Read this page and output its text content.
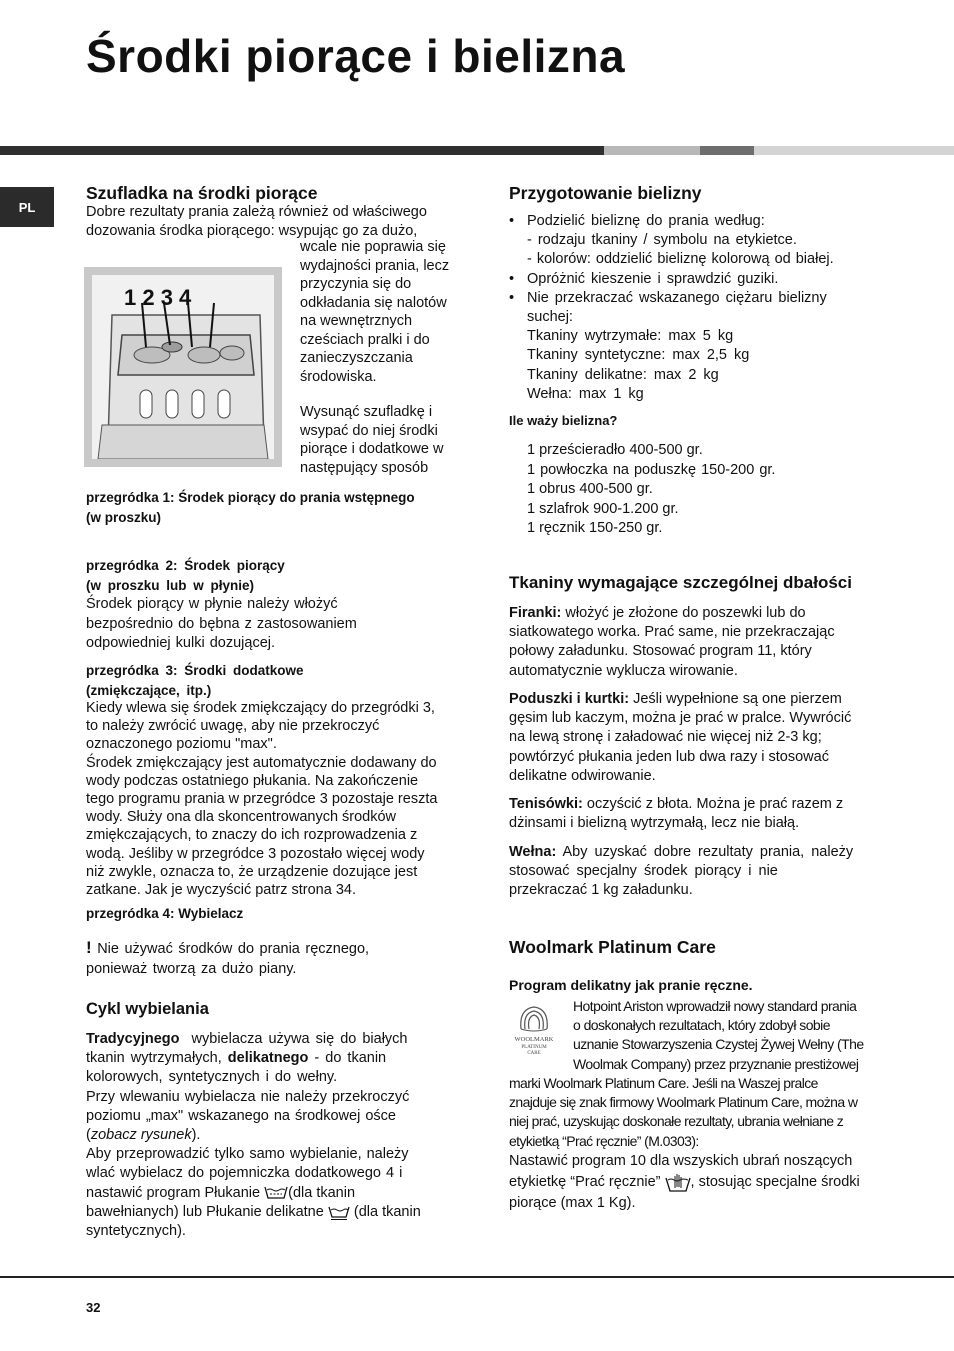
Środki piorące i bielizna
PL
Szufladka na środki piorące

Dobre rezultaty prania zależą również od właściwego

dozowania środka piorącego: wsypując go za dużo,

1 2 3 4

wcale nie poprawia się

wydajności prania, lecz

przyczynia się do

odkładania się nalotów

na wewnętrznych

cześciach pralki i do

zanieczyszczania

środowiska.

Wysunąć szufladkę i

wsypać do niej środki

piorące i dodatkowe w

następujący sposób

przegródka 1: Środek piorący do prania wstępnego

(w proszku)

przegródka 2: Środek piorący

(w proszku lub w płynie)

Środek piorący w płynie należy włożyć

bezpośrednio do bębna z zastosowaniem

odpowiedniej kulki dozującej.

przegródka 3: Środki dodatkowe

(zmiękczające, itp.)

Kiedy wlewa się środek zmiękczający do przegródki 3,

to należy zwrócić uwagę, aby nie przekroczyć

oznaczonego poziomu "max".

Środek zmiękczający jest automatycznie dodawany do

wody podczas ostatniego płukania. Na zakończenie

tego programu prania w przegródce 3 pozostaje reszta

wody. Służy ona dla skoncentrowanych środków

zmiękczających, to znaczy do ich rozprowadzenia z

wodą. Jeśliby w przegródce 3 pozostało więcej wody

niż zwykle, oznacza to, że urządzenie dozujące jest

zatkane. Jak je wyczyścić patrz strona 34.

przegródka 4: Wybielacz

! Nie używać środków do prania ręcznego,

ponieważ tworzą za dużo piany.

Cykl wybielania

Tradycyjnego wybielacza używa się do białych

tkanin wytrzymałych, delikatnego - do tkanin

kolorowych, syntetycznych i do wełny.

Przy wlewaniu wybielacza nie należy przekroczyć

poziomu „max" wskazanego na środkowej ośce

(zobacz rysunek).

Aby przeprowadzić tylko samo wybielanie, należy

wlać wybielacz do pojemniczka dodatkowego 4 i

nastawić program Płukanie (dla tkanin

bawełnianych) lub Płukanie delikatne (dla tkanin

syntetycznych).

Przygotowanie bielizny

• Podzielić bieliznę do prania według:

- rodzaju tkaniny / symbolu na etykietce.

- kolorów: oddzielić bieliznę kolorową od białej.

• Opróżnić kieszenie i sprawdzić guziki.

• Nie przekraczać wskazanego ciężaru bielizny

suchej:

Tkaniny wytrzymałe: max 5 kg

Tkaniny syntetyczne: max 2,5 kg

Tkaniny delikatne: max 2 kg

Wełna: max 1 kg

Ile waży bielizna?

1 prześcieradło 400-500 gr.

1 powłoczka na poduszkę 150-200 gr.

1 obrus 400-500 gr.

1 szlafrok 900-1.200 gr.

1 ręcznik 150-250 gr.

Tkaniny wymagające szczególnej dbałości

Firanki: włożyć je złożone do poszewki lub do

siatkowatego worka. Prać same, nie przekraczając

połowy załadunku. Stosować program 11, który

automatycznie wyklucza wirowanie.

Poduszki i kurtki: Jeśli wypełnione są one pierzem

gęsim lub kaczym, można je prać w pralce. Wywrócić

na lewą stronę i załadować nie więcej niż 2-3 kg;

powtórzyć płukania jeden lub dwa razy i stosować

delikatne odwirowanie.

Tenisówki: oczyścić z błota. Można je prać razem z

dżinsami i bielizną wytrzymałą, lecz nie białą.

Wełna: Aby uzyskać dobre rezultaty prania, należy

stosować specjalny środek piorący i nie

przekraczać 1 kg załadunku.

Woolmark Platinum Care

Program delikatny jak pranie ręczne.

WOOLMARK
PLATINUM
CARE

Hotpoint Ariston wprowadził nowy standard prania

o doskonałych rezultatach, który zdobył sobie

uznanie Stowarzyszenia Czystej Żywej Wełny (The

Woolmak Company) przez przyznanie prestiżowej

marki Woolmark Platinum Care. Jeśli na Waszej pralce

znajduje się znak firmowy Woolmark Platinum Care, można w

niej prać, uzyskując doskonałe rezultaty, ubrania wełniane z

etykietką “Prać ręcznie” (M.0303):

Nastawić program 10 dla wszyskich ubrań noszących

etykietkę “Prać ręcznie” , stosując specjalne środki

piorące (max 1 Kg).

32
